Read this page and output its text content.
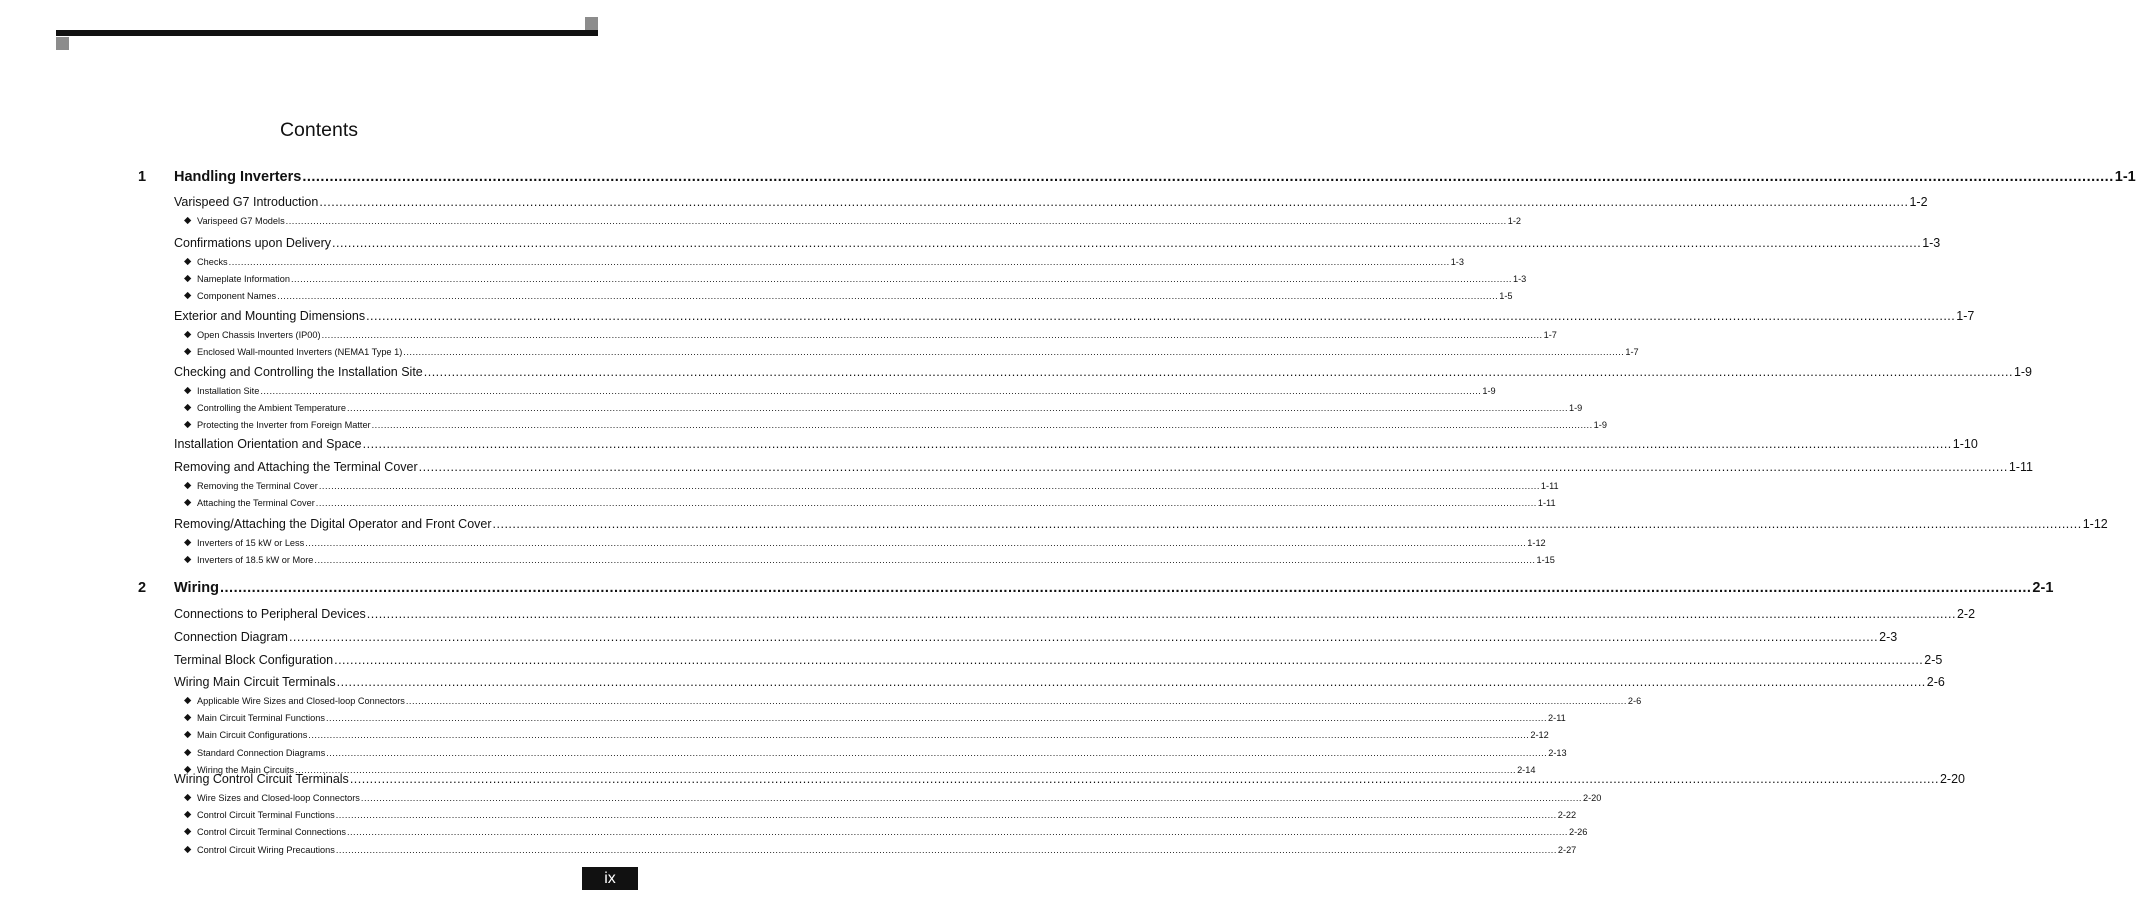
Contents
1 Handling Inverters ................................................................................................................................................................................................................................................................................................................................................................................................................ 1-1
Varispeed G7 Introduction ................................................................................................................................................................................................................................................................................................................................................................................................................ 1-2
◆ Varispeed G7 Models ................................................................................................................................................................................................................................................................................................................................................................................................................ 1-2
Confirmations upon Delivery ................................................................................................................................................................................................................................................................................................................................................................................................................ 1-3
◆ Checks ................................................................................................................................................................................................................................................................................................................................................................................................................ 1-3
◆ Nameplate Information ................................................................................................................................................................................................................................................................................................................................................................................................................ 1-3
◆ Component Names ................................................................................................................................................................................................................................................................................................................................................................................................................ 1-5
Exterior and Mounting Dimensions ................................................................................................................................................................................................................................................................................................................................................................................................................ 1-7
◆ Open Chassis Inverters (IP00) ................................................................................................................................................................................................................................................................................................................................................................................................................ 1-7
◆ Enclosed Wall-mounted Inverters (NEMA1 Type 1) ................................................................................................................................................................................................................................................................................................................................................................................................................ 1-7
Checking and Controlling the Installation Site ................................................................................................................................................................................................................................................................................................................................................................................................................ 1-9
◆ Installation Site ................................................................................................................................................................................................................................................................................................................................................................................................................ 1-9
◆ Controlling the Ambient Temperature ................................................................................................................................................................................................................................................................................................................................................................................................................ 1-9
◆ Protecting the Inverter from Foreign Matter ................................................................................................................................................................................................................................................................................................................................................................................................................ 1-9
Installation Orientation and Space ................................................................................................................................................................................................................................................................................................................................................................................................................ 1-10
Removing and Attaching the Terminal Cover ................................................................................................................................................................................................................................................................................................................................................................................................................ 1-11
◆ Removing the Terminal Cover ................................................................................................................................................................................................................................................................................................................................................................................................................ 1-11
◆ Attaching the Terminal Cover ................................................................................................................................................................................................................................................................................................................................................................................................................ 1-11
Removing/Attaching the Digital Operator and Front Cover ................................................................................................................................................................................................................................................................................................................................................................................................................ 1-12
◆ Inverters of 15 kW or Less ................................................................................................................................................................................................................................................................................................................................................................................................................ 1-12
◆ Inverters of 18.5 kW or More ................................................................................................................................................................................................................................................................................................................................................................................................................ 1-15
2 Wiring ................................................................................................................................................................................................................................................................................................................................................................................................................ 2-1
Connections to Peripheral Devices ................................................................................................................................................................................................................................................................................................................................................................................................................ 2-2
Connection Diagram ................................................................................................................................................................................................................................................................................................................................................................................................................ 2-3
Terminal Block Configuration ................................................................................................................................................................................................................................................................................................................................................................................................................ 2-5
Wiring Main Circuit Terminals ................................................................................................................................................................................................................................................................................................................................................................................................................ 2-6
◆ Applicable Wire Sizes and Closed-loop Connectors ................................................................................................................................................................................................................................................................................................................................................................................................................ 2-6
◆ Main Circuit Terminal Functions ................................................................................................................................................................................................................................................................................................................................................................................................................ 2-11
◆ Main Circuit Configurations ................................................................................................................................................................................................................................................................................................................................................................................................................ 2-12
◆ Standard Connection Diagrams ................................................................................................................................................................................................................................................................................................................................................................................................................ 2-13
◆ Wiring the Main Circuits ................................................................................................................................................................................................................................................................................................................................................................................................................ 2-14
Wiring Control Circuit Terminals ................................................................................................................................................................................................................................................................................................................................................................................................................ 2-20
◆ Wire Sizes and Closed-loop Connectors ................................................................................................................................................................................................................................................................................................................................................................................................................ 2-20
◆ Control Circuit Terminal Functions ................................................................................................................................................................................................................................................................................................................................................................................................................ 2-22
◆ Control Circuit Terminal Connections ................................................................................................................................................................................................................................................................................................................................................................................................................ 2-26
◆ Control Circuit Wiring Precautions ................................................................................................................................................................................................................................................................................................................................................................................................................ 2-27
ix
